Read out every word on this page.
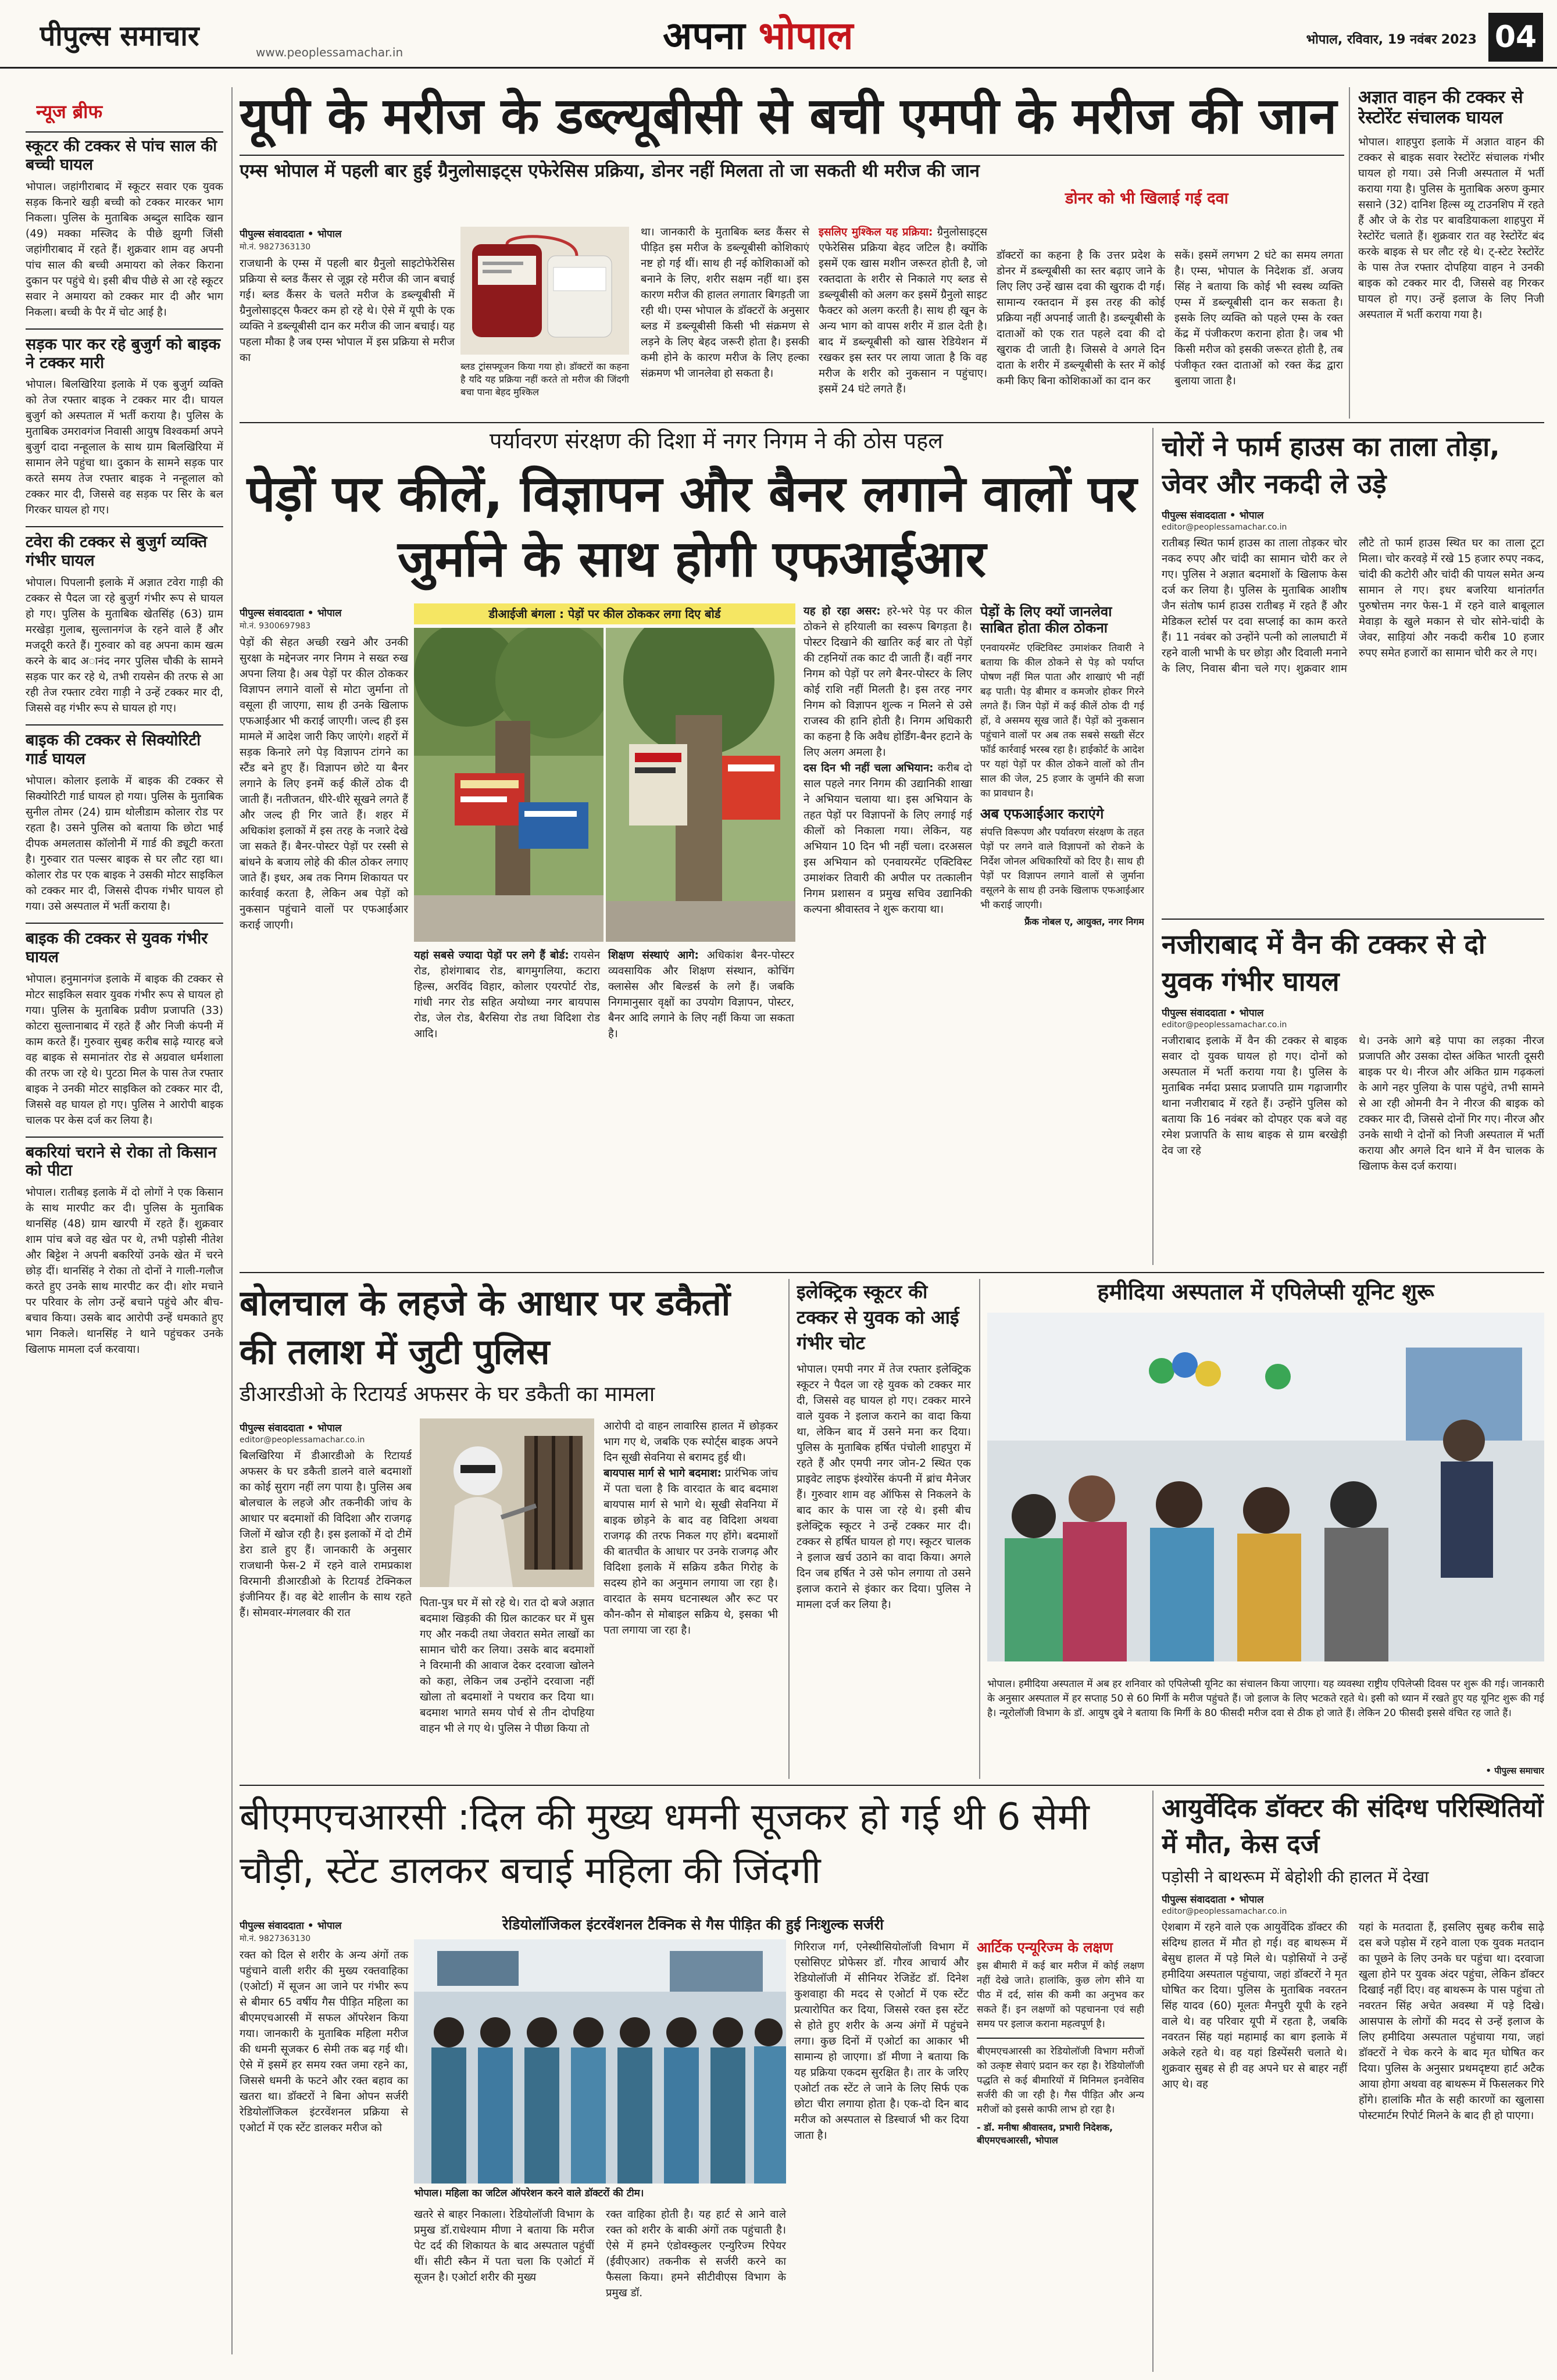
पीपुल्स समाचार	www.peoplessamachar.in	अपना भोपाल	भोपाल, रविवार, 19 नवंबर 2023 04
न्यूज ब्रीफ
स्कूटर की टक्कर से पांच साल की बच्ची घायल

भोपाल। जहांगीराबाद में स्कूटर सवार एक युवक सड़क किनारे खड़ी बच्ची को टक्कर मारकर भाग निकला। पुलिस के मुताबिक अब्दुल सादिक खान (49) मक्का मस्जिद के पीछे झुग्गी जिंसी जहांगीराबाद में रहते हैं। शुक्रवार शाम वह अपनी पांच साल की बच्ची अमायरा को लेकर किराना दुकान पर पहुंचे थे। इसी बीच पीछे से आ रहे स्कूटर सवार ने अमायरा को टक्कर मार दी और भाग निकला। बच्ची के पैर में चोट आई है।

सड़क पार कर रहे बुजुर्ग को बाइक ने टक्कर मारी

भोपाल। बिलखिरिया इलाके में एक बुजुर्ग व्यक्ति को तेज रफ्तार बाइक ने टक्कर मार दी। घायल बुजुर्ग को अस्पताल में भर्ती कराया है। पुलिस के मुताबिक उमरावगंज निवासी आयुष विश्वकर्मा अपने बुजुर्ग दादा नन्हूलाल के साथ ग्राम बिलखिरिया में सामान लेने पहुंचा था। दुकान के सामने सड़क पार करते समय तेज रफ्तार बाइक ने नन्हूलाल को टक्कर मार दी, जिससे वह सड़क पर सिर के बल गिरकर घायल हो गए।

टवेरा की टक्कर से बुजुर्ग व्यक्ति गंभीर घायल

भोपाल। पिपलानी इलाके में अज्ञात टवेरा गाड़ी की टक्कर से पैदल जा रहे बुजुर्ग गंभीर रूप से घायल हो गए। पुलिस के मुताबिक खेतसिंह (63) ग्राम मरखेड़ा गुलाब, सुल्तानगंज के रहने वाले हैं और मजदूरी करते हैं। गुरुवार को वह अपना काम खत्म करने के बाद अानंद नगर पुलिस चौकी के सामने सड़क पार कर रहे थे, तभी रायसेन की तरफ से आ रही तेज रफ्तार टवेरा गाड़ी ने उन्हें टक्कर मार दी, जिससे वह गंभीर रूप से घायल हो गए।

बाइक की टक्कर से सिक्योरिटी गार्ड घायल

भोपाल। कोलार इलाके में बाइक की टक्कर से सिक्योरिटी गार्ड घायल हो गया। पुलिस के मुताबिक सुनील तोमर (24) ग्राम थोलीडाम कोलार रोड पर रहता है। उसने पुलिस को बताया कि छोटा भाई दीपक अमलतास कॉलोनी में गार्ड की ड्यूटी करता है। गुरुवार रात पल्सर बाइक से घर लौट रहा था। कोलार रोड पर एक बाइक ने उसकी मोटर साइकिल को टक्कर मार दी, जिससे दीपक गंभीर घायल हो गया। उसे अस्पताल में भर्ती कराया है।

बाइक की टक्कर से युवक गंभीर घायल

भोपाल। हनुमानगंज इलाके में बाइक की टक्कर से मोटर साइकिल सवार युवक गंभीर रूप से घायल हो गया। पुलिस के मुताबिक प्रवीण प्रजापति (33) कोटरा सुल्तानाबाद में रहते हैं और निजी कंपनी में काम करते हैं। गुरुवार सुबह करीब साढ़े ग्यारह बजे वह बाइक से समानांतर रोड से अग्रवाल धर्मशाला की तरफ जा रहे थे। पुटठा मिल के पास तेज रफ्तार बाइक ने उनकी मोटर साइकिल को टक्कर मार दी, जिससे वह घायल हो गए। पुलिस ने आरोपी बाइक चालक पर केस दर्ज कर लिया है।

बकरियां चराने से रोका तो किसान को पीटा

भोपाल। रातीबड़ इलाके में दो लोगों ने एक किसान के साथ मारपीट कर दी। पुलिस के मुताबिक थानसिंह (48) ग्राम खारपी में रहते हैं। शुक्रवार शाम पांच बजे वह खेत पर थे, तभी पड़ोसी नीतेश और बिट्टेश ने अपनी बकरियों उनके खेत में चरने छोड़ दीं। थानसिंह ने रोका तो दोनों ने गाली-गलौज करते हुए उनके साथ मारपीट कर दी। शोर मचाने पर परिवार के लोग उन्हें बचाने पहुंचे और बीच-बचाव किया। उसके बाद आरोपी उन्हें धमकाते हुए भाग निकले। थानसिंह ने थाने पहुंचकर उनके खिलाफ मामला दर्ज करवाया।

यूपी के मरीज के डब्ल्यूबीसी से बची एमपी के मरीज की जान
एम्स भोपाल में पहली बार हुई ग्रैनुलोसाइट्स एफेरेसिस प्रक्रिया, डोनर नहीं मिलता तो जा सकती थी मरीज की जान
डोनर को भी खिलाई गई दवा
पीपुल्स संवाददाता • भोपाल
मो.नं. 9827363130

राजधानी के एम्स में पहली बार ग्रैनुलो साइटोफेरेसिस प्रक्रिया से ब्लड कैंसर से जूझ रहे मरीज की जान बचाई गई। ब्लड कैंसर के चलते मरीज के डब्ल्यूबीसी में ग्रैनुलोसाइट्स फैक्टर कम हो रहे थे। ऐसे में यूपी के एक व्यक्ति ने डब्ल्यूबीसी दान कर मरीज की जान बचाई। यह पहला मौका है जब एम्स भोपाल में इस प्रक्रिया से मरीज का

ब्लड ट्रांसफ्यूजन किया गया हो। डॉक्टरों का कहना है यदि यह प्रक्रिया नहीं करते तो मरीज की जिंदगी बचा पाना बेहद मुश्किल

था। जानकारी के मुताबिक ब्लड कैंसर से पीड़ित इस मरीज के डब्ल्यूबीसी कोशिकाएं नष्ट हो गई थीं। साथ ही नई कोशिकाओं को बनाने के लिए, शरीर सक्षम नहीं था। इस कारण मरीज की हालत लगातार बिगड़ती जा रही थी। एम्स भोपाल के डॉक्टरों के अनुसार ब्लड में डब्ल्यूबीसी किसी भी संक्रमण से लड़ने के लिए बेहद जरूरी होता है। इसकी कमी होने के कारण मरीज के लिए हल्का संक्रमण भी जानलेवा हो सकता है।

इसलिए मुश्किल यह प्रक्रिया: ग्रैनुलोसाइट्स एफेरेसिस प्रक्रिया बेहद जटिल है। क्योंकि इसमें एक खास मशीन जरूरत होती है, जो रक्तदाता के शरीर से निकाले गए ब्लड से डब्ल्यूबीसी को अलग कर इसमें ग्रैनुलो साइट फैक्टर को अलग करती है। साथ ही खून के अन्य भाग को वापस शरीर में डाल देती है। बाद में डब्ल्यूबीसी को खास रेडियेशन में रखकर इस स्तर पर लाया जाता है कि वह मरीज के शरीर को नुकसान न पहुंचाए। इसमें 24 घंटे लगते हैं।

डॉक्टरों का कहना है कि उत्तर प्रदेश के डोनर में डब्ल्यूबीसी का स्तर बढ़ाए जाने के लिए लिए उन्हें खास दवा की खुराक दी गई। सामान्य रक्तदान में इस तरह की कोई प्रक्रिया नहीं अपनाई जाती है। डब्ल्यूबीसी के दाताओं को एक रात पहले दवा की दो खुराक दी जाती है। जिससे वे अगले दिन दाता के शरीर में डब्ल्यूबीसी के स्तर में कोई कमी किए बिना कोशिकाओं का दान कर

सकें। इसमें लगभग 2 घंटे का समय लगता है। एम्स, भोपाल के निदेशक डॉ. अजय सिंह ने बताया कि कोई भी स्वस्थ व्यक्ति एम्स में डब्ल्यूबीसी दान कर सकता है। इसके लिए व्यक्ति को पहले एम्स के रक्त केंद्र में पंजीकरण कराना होता है। जब भी किसी मरीज को इसकी जरूरत होती है, तब पंजीकृत रक्त दाताओं को रक्त केंद्र द्वारा बुलाया जाता है।

अज्ञात वाहन की टक्कर से रेस्टोरेंट संचालक घायल

भोपाल। शाहपुरा इलाके में अज्ञात वाहन की टक्कर से बाइक सवार रेस्टोरेंट संचालक गंभीर घायल हो गया। उसे निजी अस्पताल में भर्ती कराया गया है। पुलिस के मुताबिक अरुण कुमार ससाने (32) दानिश हिल्स व्यू टाउनशिप में रहते हैं और जे के रोड पर बावडियाकला शाहपुरा में रेस्टोरेंट चलाते हैं। शुक्रवार रात वह रेस्टोरेंट बंद करके बाइक से घर लौट रहे थे। ट्-स्टेट रेस्टोरेंट के पास तेज रफ्तार दोपहिया वाहन ने उनकी बाइक को टक्कर मार दी, जिससे वह गिरकर घायल हो गए। उन्हें इलाज के लिए निजी अस्पताल में भर्ती कराया गया है।

पर्यावरण संरक्षण की दिशा में नगर निगम ने की ठोस पहल
पेड़ों पर कीलें, विज्ञापन और बैनर लगाने वालों पर जुर्माने के साथ होगी एफआईआर
पीपुल्स संवाददाता • भोपाल
मो.नं. 9300697983

पेड़ों की सेहत अच्छी रखने और उनकी सुरक्षा के मद्देनजर नगर निगम ने सख्त रुख अपना लिया है। अब पेड़ों पर कील ठोककर विज्ञापन लगाने वालों से मोटा जुर्माना तो वसूला ही जाएगा, साथ ही उनके खिलाफ एफआईआर भी कराई जाएगी। जल्द ही इस मामले में आदेश जारी किए जाएंगे। शहरों में सड़क किनारे लगे पेड़ विज्ञापन टांगने का स्टैंड बने हुए हैं। विज्ञापन छोटे या बैनर लगाने के लिए इनमें कई कीलें ठोक दी जाती हैं। नतीजतन, धीरे-धीरे सूखने लगते हैं और जल्द ही गिर जाते हैं। शहर में अधिकांश इलाकों में इस तरह के नजारे देखे जा सकते हैं। बैनर-पोस्टर पेड़ों पर रस्सी से बांधने के बजाय लोहे की कील ठोकर लगाए जाते हैं। इधर, अब तक निगम शिकायत पर कार्रवाई करता है, लेकिन अब पेड़ों को नुकसान पहुंचाने वालों पर एफआईआर कराई जाएगी।

डीआईजी बंगला : पेड़ों पर कील ठोककर लगा दिए बोर्ड

यहां सबसे ज्यादा पेड़ों पर लगे हैं बोर्ड: रायसेन रोड, होशंगाबाद रोड, बागमुगलिया, कटारा हिल्स, अरविंद विहार, कोलार एयरपोर्ट रोड, गांधी नगर रोड सहित अयोध्या नगर बायपास रोड, जेल रोड, बैरसिया रोड तथा विदिशा रोड आदि।

शिक्षण संस्थाएं आगे: अधिकांश बैनर-पोस्टर व्यवसायिक और शिक्षण संस्थान, कोचिंग क्लासेस और बिल्डर्स के लगे हैं। जबकि निगमानुसार वृक्षों का उपयोग विज्ञापन, पोस्टर, बैनर आदि लगाने के लिए नहीं किया जा सकता है।

यह हो रहा असर: हरे-भरे पेड़ पर कील ठोकने से हरियाली का स्वरूप बिगड़ता है। पोस्टर दिखाने की खातिर कई बार तो पेड़ों की टहनियों तक काट दी जाती हैं। वहीं नगर निगम को पेड़ों पर लगे बैनर-पोस्टर के लिए कोई राशि नहीं मिलती है। इस तरह नगर निगम को विज्ञापन शुल्क न मिलने से उसे राजस्व की हानि होती है। निगम अधिकारी का कहना है कि अवैध होर्डिंग-बैनर हटाने के लिए अलग अमला है।

दस दिन भी नहीं चला अभियान: करीब दो साल पहले नगर निगम की उद्यानिकी शाखा ने अभियान चलाया था। इस अभियान के तहत पेड़ों पर विज्ञापनों के लिए लगाई गई कीलों को निकाला गया। लेकिन, यह अभियान 10 दिन भी नहीं चला। दरअसल इस अभियान को एनवायरमेंट एक्टिविस्ट उमाशंकर तिवारी की अपील पर तत्कालीन निगम प्रशासन व प्रमुख सचिव उद्यानिकी कल्पना श्रीवास्तव ने शुरू कराया था।

पेड़ों के लिए क्यों जानलेवा साबित होता कील ठोकना

एनवायरमेंट एक्टिविस्ट उमाशंकर तिवारी ने बताया कि कील ठोकने से पेड़ को पर्याप्त पोषण नहीं मिल पाता और शाखाएं भी नहीं बढ़ पाती। पेड़ बीमार व कमजोर होकर गिरने लगते हैं। जिन पेड़ों में कई कीलें ठोक दी गई हों, वे असमय सूख जाते हैं। पेड़ों को नुकसान पहुंचाने वालों पर अब तक सबसे सख्ती सेंटर फॉर्ड कार्रवाई भरस्ब रहा है। हाईकोर्ट के आदेश पर यहां पेड़ों पर कील ठोकने वालों को तीन साल की जेल, 25 हजार के जुर्माने की सजा का प्रावधान है।

अब एफआईआर कराएंगे

संपत्ति विरूपण और पर्यावरण संरक्षण के तहत पेड़ों पर लगने वाले विज्ञापनों को रोकने के निर्देश जोनल अधिकारियों को दिए है। साथ ही पेड़ों पर विज्ञापन लगाने वालों से जुर्माना वसूलने के साथ ही उनके खिलाफ एफआईआर भी कराई जाएगी।

फ्रैंक नोबल ए, आयुक्त, नगर निगम
चोरों ने फार्म हाउस का ताला तोड़ा, जेवर और नकदी ले उड़े
पीपुल्स संवाददाता • भोपाल
editor@peoplessamachar.co.in

रातीबड़ स्थित फार्म हाउस का ताला तोड़कर चोर नकद रुपए और चांदी का सामान चोरी कर ले गए। पुलिस ने अज्ञात बदमाशों के खिलाफ केस दर्ज कर लिया है। पुलिस के मुताबिक आशीष जैन संतोष फार्म हाउस रातीबड़ में रहते हैं और मेडिकल स्टोर्स पर दवा सप्लाई का काम करते हैं। 11 नवंबर को उन्होंने पत्नी को लालघाटी में रहने वाली भाभी के घर छोड़ा और दिवाली मनाने के लिए, निवास बीना चले गए। शुक्रवार शाम लौटे तो फार्म हाउस स्थित घर का ताला टूटा मिला। चोर करवड़े में रखे 15 हजार रुपए नकद, चांदी की कटोरी और चांदी की पायल समेत अन्य सामान ले गए। इधर बजरिया थानांतर्गत पुरुषोत्तम नगर फेस-1 में रहने वाले बाबूलाल मेवाड़ा के खुले मकान से चोर सोने-चांदी के जेवर, साड़ियां और नकदी करीब 10 हजार रुपए समेत हजारों का सामान चोरी कर ले गए।

नजीराबाद में वैन की टक्कर से दो युवक गंभीर घायल
पीपुल्स संवाददाता • भोपाल
editor@peoplessamachar.co.in

नजीराबाद इलाके में वैन की टक्कर से बाइक सवार दो युवक घायल हो गए। दोनों को अस्पताल में भर्ती कराया गया है। पुलिस के मुताबिक नर्मदा प्रसाद प्रजापति ग्राम गढ़ाजागीर थाना नजीराबाद में रहते हैं। उन्होंने पुलिस को बताया कि 16 नवंबर को दोपहर एक बजे वह रमेश प्रजापति के साथ बाइक से ग्राम बरखेड़ी देव जा रहे

थे। उनके आगे बड़े पापा का लड़का नीरज प्रजापति और उसका दोस्त अंकित भारती दूसरी बाइक पर थे। नीरज और अंकित ग्राम गढ़कलां के आगे नहर पुलिया के पास पहुंचे, तभी सामने से आ रही ओमनी वैन ने नीरज की बाइक को टक्कर मार दी, जिससे दोनों गिर गए। नीरज और उनके साथी ने दोनों को निजी अस्पताल में भर्ती कराया और अगले दिन थाने में वैन चालक के खिलाफ केस दर्ज कराया।

बोलचाल के लहजे के आधार पर डकैतों की तलाश में जुटी पुलिस
डीआरडीओ के रिटायर्ड अफसर के घर डकैती का मामला
पीपुल्स संवाददाता • भोपाल
editor@peoplessamachar.co.in

बिलखिरिया में डीआरडीओ के रिटायर्ड अफसर के घर डकैती डालने वाले बदमाशों का कोई सुराग नहीं लग पाया है। पुलिस अब बोलचाल के लहजे और तकनीकी जांच के आधार पर बदमाशों की विदिशा और राजगढ़ जिलों में खोज रही है। इस इलाकों में दो टीमें डेरा डाले हुए हैं। जानकारी के अनुसार राजधानी फेस-2 में रहने वाले रामप्रकाश विरमानी डीआरडीओ के रिटायर्ड टेक्निकल इंजीनियर हैं। वह बेटे शालीन के साथ रहते हैं। सोमवार-मंगलवार की रात

पिता-पुत्र घर में सो रहे थे। रात दो बजे अज्ञात बदमाश खिड़की की ग्रिल काटकर घर में घुस गए और नकदी तथा जेवरात समेत लाखों का सामान चोरी कर लिया। उसके बाद बदमाशों ने विरमानी की आवाज देकर दरवाजा खोलने को कहा, लेकिन जब उन्होंने दरवाजा नहीं खोला तो बदमाशों ने पथराव कर दिया था। बदमाश भागते समय पोर्च से तीन दोपहिया वाहन भी ले गए थे। पुलिस ने पीछा किया तो

आरोपी दो वाहन लावारिस हालत में छोड़कर भाग गए थे, जबकि एक स्पोर्ट्स बाइक अपने दिन सूखी सेवनिया से बरामद हुई थी।

बायपास मार्ग से भागे बदमाश: प्रारंभिक जांच में पता चला है कि वारदात के बाद बदमाश बायपास मार्ग से भागे थे। सूखी सेवनिया में बाइक छोड़ने के बाद वह विदिशा अथवा राजगढ़ की तरफ निकल गए होंगे। बदमाशों की बातचीत के आधार पर उनके राजगढ़ और विदिशा इलाके में सक्रिय डकैत गिरोह के सदस्य होने का अनुमान लगाया जा रहा है। वारदात के समय घटनास्थल और रूट पर कौन-कौन से मोबाइल सक्रिय थे, इसका भी पता लगाया जा रहा है।

इलेक्ट्रिक स्कूटर की टक्कर से युवक को आई गंभीर चोट

भोपाल। एमपी नगर में तेज रफ्तार इलेक्ट्रिक स्कूटर ने पैदल जा रहे युवक को टक्कर मार दी, जिससे वह घायल हो गए। टक्कर मारने वाले युवक ने इलाज कराने का वादा किया था, लेकिन बाद में उसने मना कर दिया। पुलिस के मुताबिक हर्षित पंचोली शाहपुरा में रहते हैं और एमपी नगर जोन-2 स्थित एक प्राइवेट लाइफ इंश्योरेंस कंपनी में ब्रांच मैनेजर हैं। गुरुवार शाम वह ऑफिस से निकलने के बाद कार के पास जा रहे थे। इसी बीच इलेक्ट्रिक स्कूटर ने उन्हें टक्कर मार दी। टक्कर से हर्षित घायल हो गए। स्कूटर चालक ने इलाज खर्च उठाने का वादा किया। अगले दिन जब हर्षित ने उसे फोन लगाया तो उसने इलाज कराने से इंकार कर दिया। पुलिस ने मामला दर्ज कर लिया है।

हमीदिया अस्पताल में एपिलेप्सी यूनिट शुरू

भोपाल। हमीदिया अस्पताल में अब हर शनिवार को एपिलेप्सी यूनिट का संचालन किया जाएगा। यह व्यवस्था राष्ट्रीय एपिलेप्सी दिवस पर शुरू की गई। जानकारी के अनुसार अस्पताल में हर सप्ताह 50 से 60 मिर्गी के मरीज पहुंचते हैं। जो इलाज के लिए भटकते रहते थे। इसी को ध्यान में रखते हुए यह यूनिट शुरू की गई है। न्यूरोलॉजी विभाग के डॉ. आयुष दुबे ने बताया कि मिर्गी के 80 फीसदी मरीज दवा से ठीक हो जाते हैं। लेकिन 20 फीसदी इससे वंचित रह जाते हैं।

• पीपुल्स समाचार
बीएमएचआरसी :दिल की मुख्य धमनी सूजकर हो गई थी 6 सेमी चौड़ी, स्टेंट डालकर बचाई महिला की जिंदगी
पीपुल्स संवाददाता • भोपाल
मो.नं. 9827363130

रक्त को दिल से शरीर के अन्य अंगों तक पहुंचाने वाली शरीर की मुख्य रक्तवाहिका (एओर्टा) में सूजन आ जाने पर गंभीर रूप से बीमार 65 वर्षीय गैस पीड़ित महिला का बीएमएचआरसी में सफल ऑपरेशन किया गया। जानकारी के मुताबिक महिला मरीज की धमनी सूजकर 6 सेमी तक बढ़ गई थी। ऐसे में इसमें हर समय रक्त जमा रहने का, जिससे धमनी के फटने और रक्त बहाव का खतरा था। डॉक्टरों ने बिना ओपन सर्जरी रेडियोलॉजिकल इंटरवेंशनल प्रक्रिया से एओर्टा में एक स्टेंट डालकर मरीज को

रेडियोलॉजिकल इंटरवेंशनल टैक्निक से गैस पीड़ित की हुई निःशुल्क सर्जरी
भोपाल। महिला का जटिल ऑपरेशन करने वाले डॉक्टरों की टीम।

खतरे से बाहर निकाला। रेडियोलॉजी विभाग के प्रमुख डॉ.राधेश्याम मीणा ने बताया कि मरीज पेट दर्द की शिकायत के बाद अस्पताल पहुंचीं थीं। सीटी स्कैन में पता चला कि एओर्टा में सूजन है। एओर्टा शरीर की मुख्य

रक्त वाहिका होती है। यह हार्ट से आने वाले रक्त को शरीर के बाकी अंगों तक पहुंचाती है। ऐसे में हमने एंडोवस्कुलर एन्युरिज्म रिपेयर (ईवीएआर) तकनीक से सर्जरी करने का फैसला किया। हमने सीटीवीएस विभाग के प्रमुख डॉ.

गिरिराज गर्ग, एनेस्थीसियोलॉजी विभाग में एसोसिएट प्रोफेसर डॉ. गौरव आचार्य और रेडियोलॉजी में सीनियर रेजिडेंट डॉ. दिनेश कुशवाहा की मदद से एओर्टा में एक स्टेंट प्रत्यारोपित कर दिया, जिससे रक्त इस स्टेंट से होते हुए शरीर के अन्य अंगों में पहुंचने लगा। कुछ दिनों में एओर्टा का आकार भी सामान्य हो जाएगा। डॉ मीणा ने बताया कि यह प्रक्रिया एकदम सुरक्षित है। तार के जरिए एओर्टा तक स्टेंट ले जाने के लिए सिर्फ एक छोटा चीरा लगाया होता है। एक-दो दिन बाद मरीज को अस्पताल से डिस्चार्ज भी कर दिया जाता है।

आर्टिक एन्यूरिज्म के लक्षण

इस बीमारी में कई बार मरीज में कोई लक्षण नहीं देखे जाते। हालांकि, कुछ लोग सीने या पीठ में दर्द, सांस की कमी का अनुभव कर सकते हैं। इन लक्षणों को पहचानना एवं सही समय पर इलाज कराना महत्वपूर्ण है।

बीएमएचआरसी का रेडियोलॉजी विभाग मरीजों को उत्कृष्ट सेवाएं प्रदान कर रहा है। रेडियोलॉजी पद्धति से कई बीमारियों में मिनिमल इनवेसिव सर्जरी की जा रही है। गैस पीड़ित और अन्य मरीजों को इससे काफी लाभ हो रहा है।

- डॉ. मनीषा श्रीवास्तव, प्रभारी निदेशक, बीएमएचआरसी, भोपाल
आयुर्वेदिक डॉक्टर की संदिग्ध परिस्थितियों में मौत, केस दर्ज
पड़ोसी ने बाथरूम में बेहोशी की हालत में देखा
पीपुल्स संवाददाता • भोपाल
editor@peoplessamachar.co.in

ऐशबाग में रहने वाले एक आयुर्वेदिक डॉक्टर की संदिग्ध हालत में मौत हो गई। वह बाथरूम में बेसुध हालत में पड़े मिले थे। पड़ोसियों ने उन्हें हमीदिया अस्पताल पहुंचाया, जहां डॉक्टरों ने मृत घोषित कर दिया। पुलिस के मुताबिक नवरतन सिंह यादव (60) मूलतः मैनपुरी यूपी के रहने वाले थे। वह परिवार यूपी में रहता है, जबकि नवरतन सिंह यहां महामाई का बाग इलाके में अकेले रहते थे। वह यहां डिस्पेंसरी चलाते थे। शुक्रवार सुबह से ही वह अपने घर से बाहर नहीं आए थे। वह

यहां के मतदाता हैं, इसलिए सुबह करीब साढ़े दस बजे पड़ोस में रहने वाला एक युवक मतदान का पूछने के लिए उनके घर पहुंचा था। दरवाजा खुला होने पर युवक अंदर पहुंचा, लेकिन डॉक्टर दिखाई नहीं दिए। वह बाथरूम के पास पहुंचा तो नवरतन सिंह अचेत अवस्था में पड़े दिखे। आसपास के लोगों की मदद से उन्हें इलाज के लिए हमीदिया अस्पताल पहुंचाया गया, जहां डॉक्टरों ने चेक करने के बाद मृत घोषित कर दिया। पुलिस के अनुसार प्रथमदृष्टया हार्ट अटैक आया होगा अथवा वह बाथरूम में फिसलकर गिरे होंगे। हालांकि मौत के सही कारणों का खुलासा पोस्टमार्टम रिपोर्ट मिलने के बाद ही हो पाएगा।
